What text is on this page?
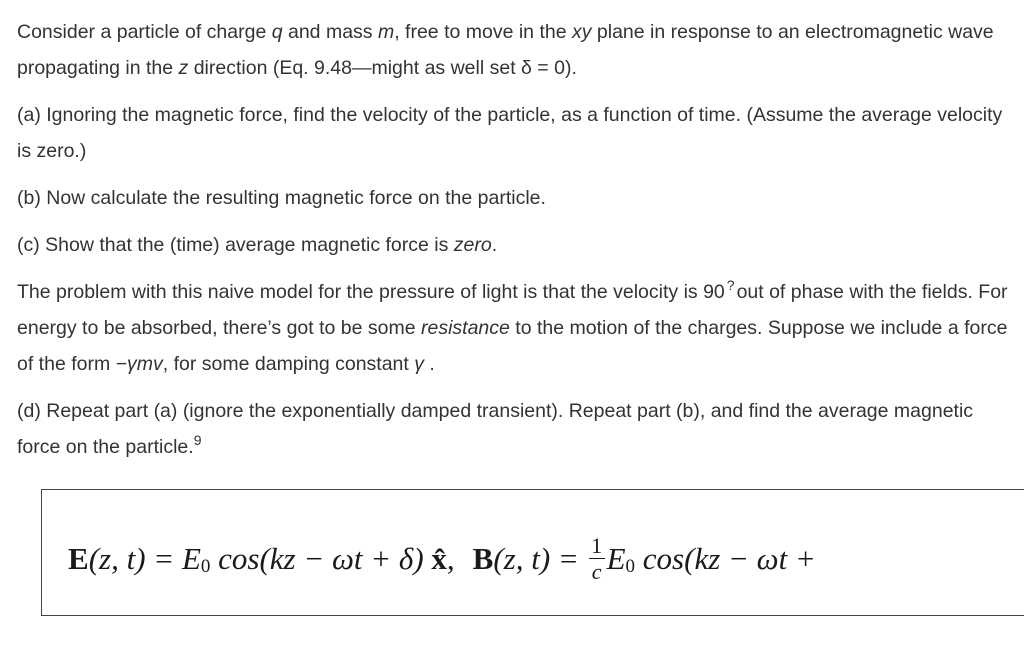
Consider a particle of charge q and mass m, free to move in the xy plane in response to an electromagnetic wave propagating in the z direction (Eq. 9.48—might as well set δ = 0).

(a) Ignoring the magnetic force, find the velocity of the particle, as a function of time. (Assume the average velocity is zero.)

(b) Now calculate the resulting magnetic force on the particle.

(c) Show that the (time) average magnetic force is zero.

The problem with this naive model for the pressure of light is that the velocity is 90 ? out of phase with the fields. For energy to be absorbed, there’s got to be some resistance to the motion of the charges. Suppose we include a force of the form −γmv, for some damping constant γ .

(d) Repeat part (a) (ignore the exponentially damped transient). Repeat part (b), and find the average magnetic force on the particle.$^9$

E (z, t) = E 0 cos(kz − ωt + δ) x̂ , B (z, $t) = \frac{1}{c}$ E 0 cos(kz − ωt +
